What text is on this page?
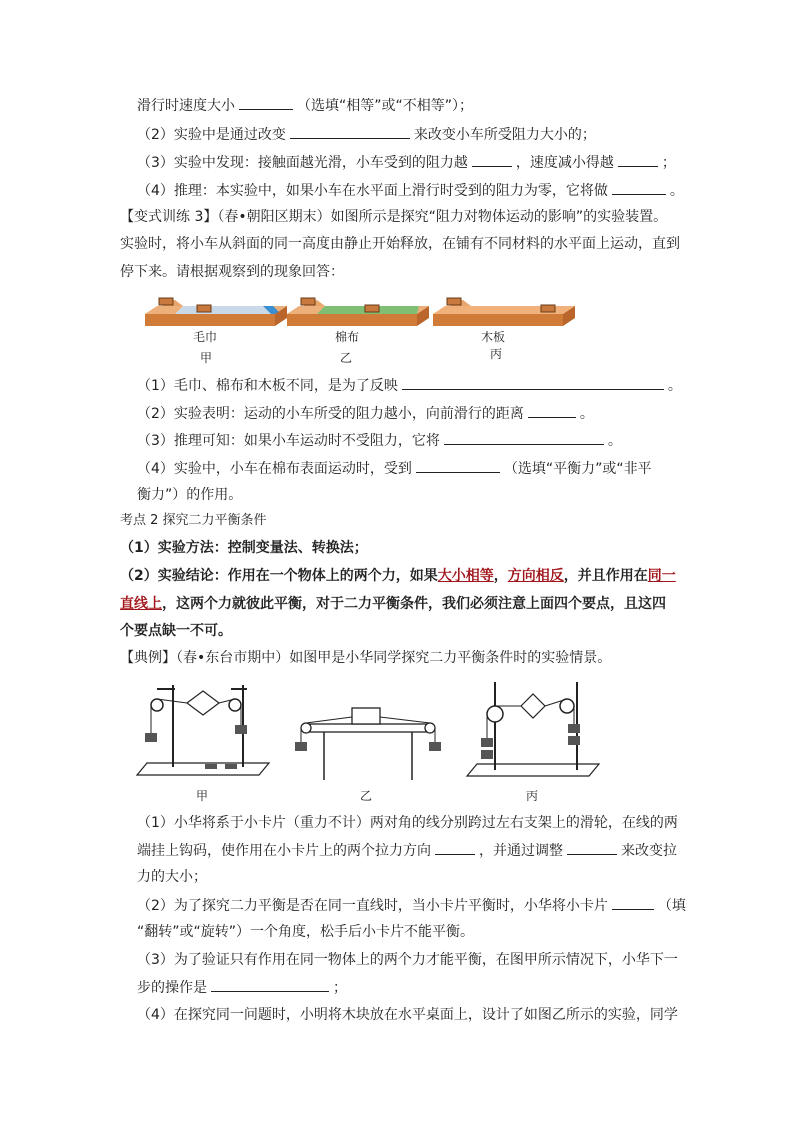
滑行时速度大小	（选填“相等”或“不相等”）；
（2）实验中是通过改变	来改变小车所受阻力大小的；
（3）实验中发现：接触面越光滑，小车受到的阻力越	，速度减小得越	；
（4）推理：本实验中，如果小车在水平面上滑行时受到的阻力为零，它将做	。
【变式训练 3】（春•朝阳区期末）如图所示是探究“阻力对物体运动的影响”的实验装置。
实验时，将小车从斜面的同一高度由静止开始释放，在铺有不同材料的水平面上运动，直到
停下来。请根据观察到的现象回答：
毛巾	棉布	木板
甲	乙	丙
（1）毛巾、棉布和木板不同，是为了反映	。
（2）实验表明：运动的小车所受的阻力越小，向前滑行的距离	。
（3）推理可知：如果小车运动时不受阻力，它将	。
（4）实验中，小车在棉布表面运动时，受到	（选填“平衡力”或“非平
衡力”）的作用。
考点 2 探究二力平衡条件
（1）实验方法：控制变量法、转换法；
（2）实验结论：作用在一个物体上的两个力，如果大小相等，方向相反，并且作用在同一
直线上，这两个力就彼此平衡，对于二力平衡条件，我们必须注意上面四个要点，且这四
个要点缺一不可。
【典例】（春•东台市期中）如图甲是小华同学探究二力平衡条件时的实验情景。
甲	乙	丙
（1）小华将系于小卡片（重力不计）两对角的线分别跨过左右支架上的滑轮，在线的两
端挂上钩码，使作用在小卡片上的两个拉力方向	，并通过调整	来改变拉
力的大小；
（2）为了探究二力平衡是否在同一直线时，当小卡片平衡时，小华将小卡片	（填
“翻转”或“旋转”）一个角度，松手后小卡片不能平衡。
（3）为了验证只有作用在同一物体上的两个力才能平衡，在图甲所示情况下，小华下一
步的操作是	；
（4）在探究同一问题时，小明将木块放在水平桌面上，设计了如图乙所示的实验，同学
